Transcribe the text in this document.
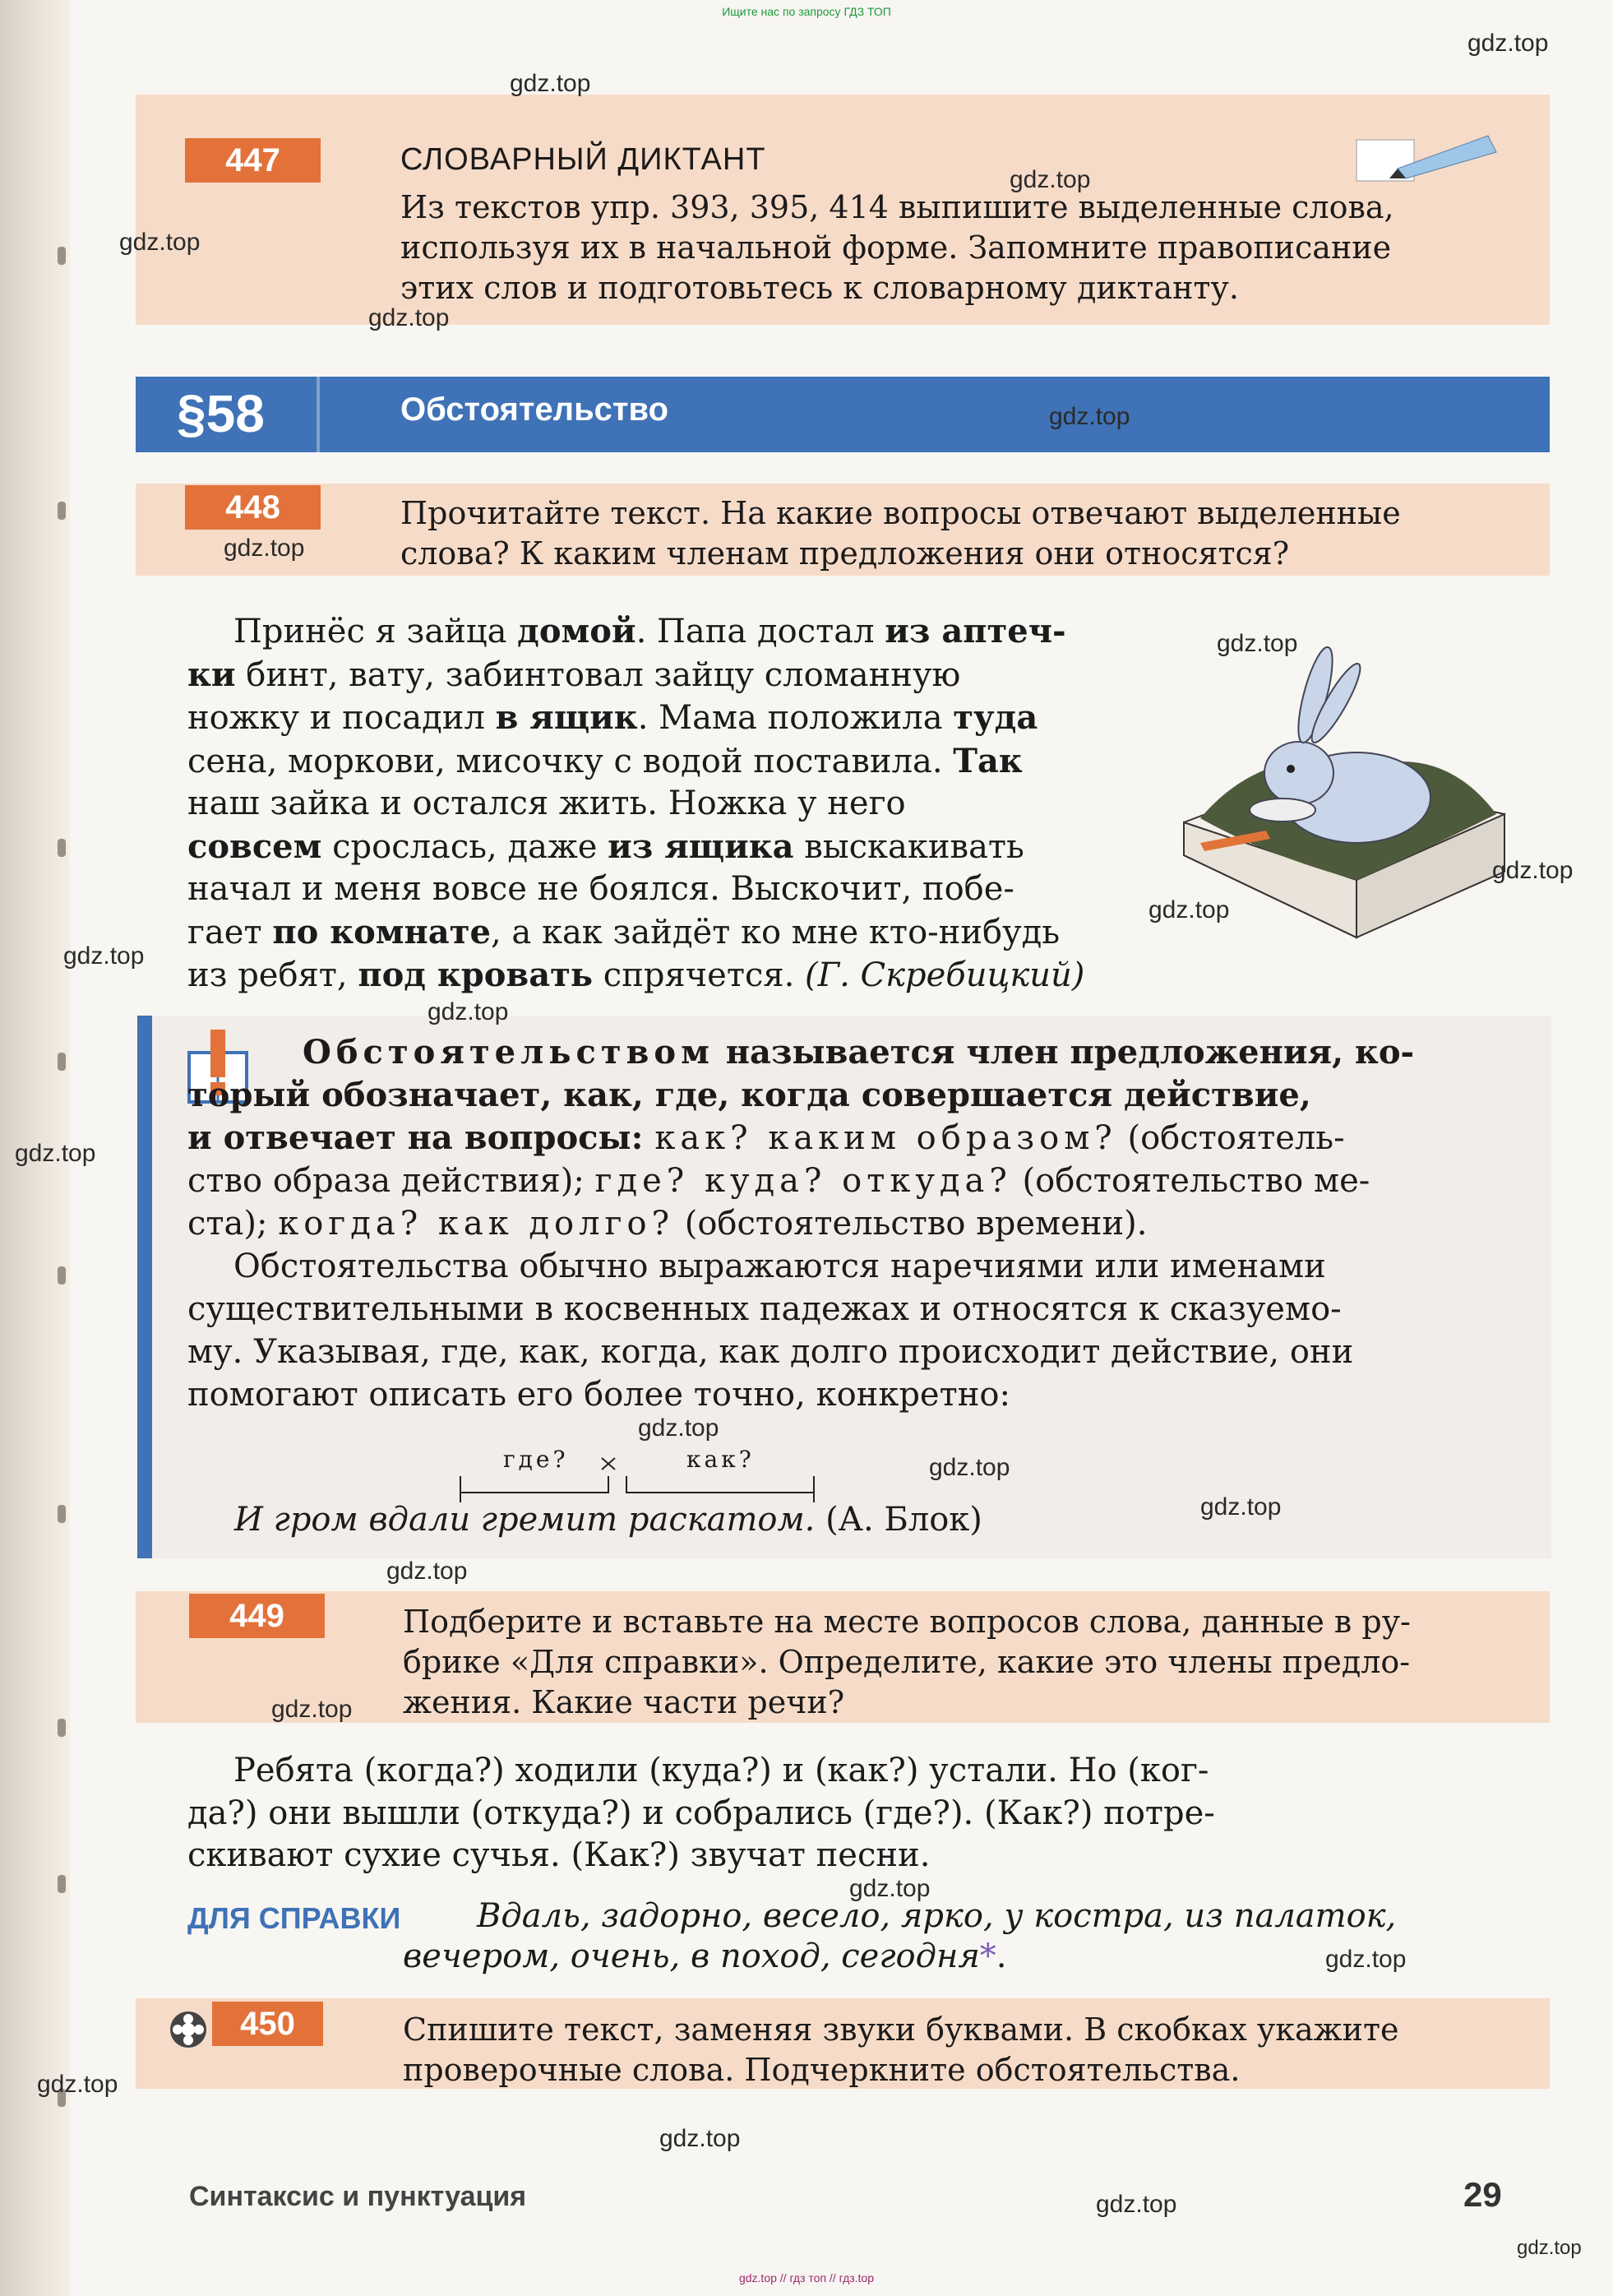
Ищите нас по запросу ГДЗ ТОП
447	СЛОВАРНЫЙ ДИКТАНТ
Из текстов упр. 393, 395, 414 выпишите выделенные слова,
используя их в начальной форме. Запомните правописание
этих слов и подготовьтесь к словарному диктанту.
§58	Обстоятельство
448	Прочитайте текст. На какие вопросы отвечают выделенные
слова? К каким членам предложения они относятся?
Принёс я зайца домой. Папа достал из аптеч-
ки бинт, вату, забинтовал зайцу сломанную
ножку и посадил в ящик. Мама положила туда
сена, моркови, мисочку с водой поставила. Так
наш зайка и остался жить. Ножка у него
совсем срослась, даже из ящика выскакивать
начал и меня вовсе не боялся. Выскочит, побе-
гает по комнате, а как зайдёт ко мне кто-нибудь
из ребят, под кровать спрячется. (Г. Скребицкий)
Обстоятельством называется член предложения, ко-
торый обозначает, как, где, когда совершается действие,
и отвечает на вопросы: как? каким образом? (обстоятель-
ство образа действия); где? куда? откуда? (обстоятельство ме-
ста); когда? как долго? (обстоятельство времени).
Обстоятельства обычно выражаются наречиями или именами
существительными в косвенных падежах и относятся к сказуемо-
му. Указывая, где, как, когда, как долго происходит действие, они
помогают описать его более точно, конкретно:
где?	как?
И гром вдали гремит раскатом. (А. Блок)
449	Подберите и вставьте на месте вопросов слова, данные в ру-
брике «Для справки». Определите, какие это члены предло-
жения. Какие части речи?
Ребята (когда?) ходили (куда?) и (как?) устали. Но (ког-
да?) они вышли (откуда?) и собрались (где?). (Как?) потре-
скивают сухие сучья. (Как?) звучат песни.
ДЛЯ СПРАВКИ Вдаль, задорно, весело, ярко, у костра, из палаток,
вечером, очень, в поход, сегодня*.
450	Спишите текст, заменяя звуки буквами. В скобках укажите
проверочные слова. Подчеркните обстоятельства.
Синтаксис и пунктуация	29
gdz.top
gdz.top
gdz.top
gdz.top
gdz.top
gdz.top
gdz.top
gdz.top
gdz.top
gdz.top
gdz.top
gdz.top
gdz.top
gdz.top
gdz.top
gdz.top
gdz.top
gdz.top
gdz.top
gdz.top
gdz.top
gdz.top
gdz.top
gdz.top
gdz.top // гдз топ // гдз.top
